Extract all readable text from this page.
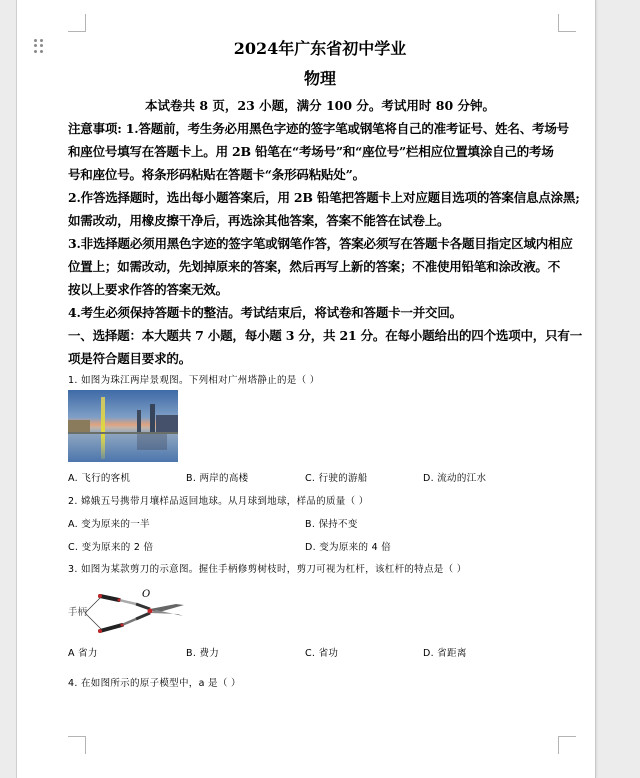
2024年广东省初中学业
物理
本试卷共 8 页，23 小题，满分 100 分。考试用时 80 分钟。
注意事项: 1.答题前，考生务必用黑色字迹的签字笔或钢笔将自己的准考证号、姓名、考场号
和座位号填写在答题卡上。用 2B 铅笔在“考场号”和“座位号”栏相应位置填涂自己的考场
号和座位号。将条形码粘贴在答题卡“条形码粘贴处”。
2.作答选择题时，选出每小题答案后，用 2B 铅笔把答题卡上对应题目选项的答案信息点涂黑;
如需改动，用橡皮擦干净后，再选涂其他答案，答案不能答在试卷上。
3.非选择题必须用黑色字迹的签字笔或钢笔作答，答案必须写在答题卡各题目指定区域内相应
位置上；如需改动，先划掉原来的答案，然后再写上新的答案；不准使用铅笔和涂改液。不
按以上要求作答的答案无效。
4.考生必须保持答题卡的整洁。考试结束后，将试卷和答题卡一并交回。
一、选择题：本大题共 7 小题，每小题 3 分，共 21 分。在每小题给出的四个选项中，只有一
项是符合题目要求的。
1. 如图为珠江两岸景观图。下列相对广州塔静止的是（ ）
A. 飞行的客机	B. 两岸的高楼	C. 行驶的游船	D. 流动的江水
2. 嫦娥五号携带月壤样品返回地球。从月球到地球，样品的质量（ ）
A. 变为原来的一半	B. 保持不变
C. 变为原来的 2 倍	D. 变为原来的 4 倍
3. 如图为某款剪刀的示意图。握住手柄修剪树枝时，剪刀可视为杠杆，该杠杆的特点是（ ）
手柄
O
A 省力	B. 费力	C. 省功	D. 省距离
4. 在如图所示的原子模型中，a 是（ ）
